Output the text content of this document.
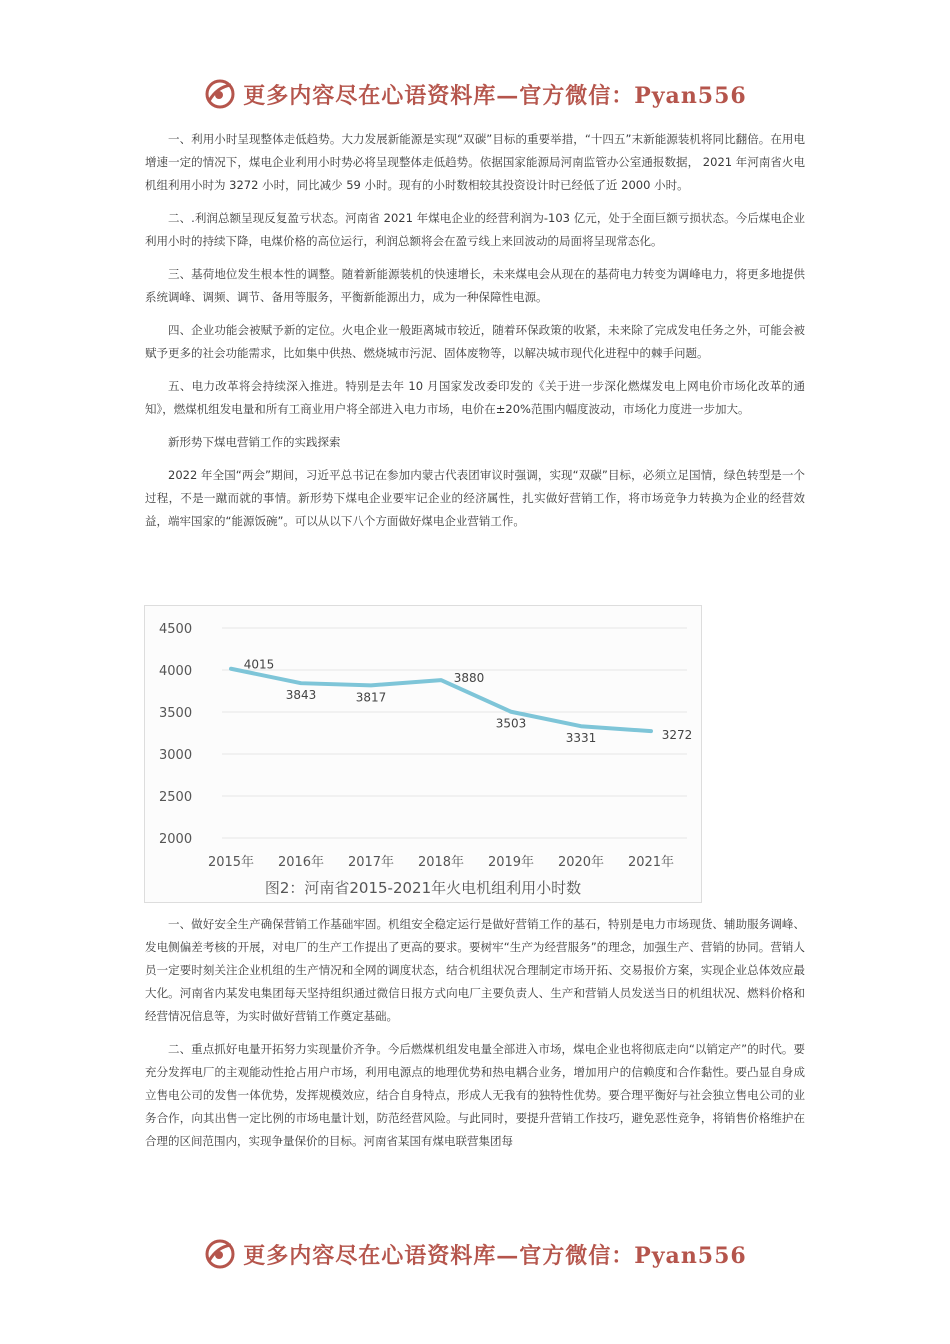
更多内容尽在心语资料库—官方微信：Pyan556

一、利用小时呈现整体走低趋势。大力发展新能源是实现“双碳”目标的重要举措，“十四五”末新能源装机将同比翻倍。在用电增速一定的情况下，煤电企业利用小时势必将呈现整体走低趋势。依据国家能源局河南监管办公室通报数据， 2021 年河南省火电机组利用小时为 3272 小时，同比减少 59 小时。现有的小时数相较其投资设计时已经低了近 2000 小时。

二、.利润总额呈现反复盈亏状态。河南省 2021 年煤电企业的经营利润为-103 亿元，处于全面巨额亏损状态。今后煤电企业利用小时的持续下降，电煤价格的高位运行，利润总额将会在盈亏线上来回波动的局面将呈现常态化。

三、基荷地位发生根本性的调整。随着新能源装机的快速增长，未来煤电会从现在的基荷电力转变为调峰电力，将更多地提供系统调峰、调频、调节、备用等服务，平衡新能源出力，成为一种保障性电源。

四、企业功能会被赋予新的定位。火电企业一般距离城市较近，随着环保政策的收紧，未来除了完成发电任务之外，可能会被赋予更多的社会功能需求，比如集中供热、燃烧城市污泥、固体废物等，以解决城市现代化进程中的棘手问题。

五、电力改革将会持续深入推进。特别是去年 10 月国家发改委印发的《关于进一步深化燃煤发电上网电价市场化改革的通知》，燃煤机组发电量和所有工商业用户将全部进入电力市场，电价在±20%范围内幅度波动，市场化力度进一步加大。

新形势下煤电营销工作的实践探索

2022 年全国“两会”期间，习近平总书记在参加内蒙古代表团审议时强调，实现“双碳”目标，必须立足国情，绿色转型是一个过程，不是一蹴而就的事情。新形势下煤电企业要牢记企业的经济属性，扎实做好营销工作，将市场竞争力转换为企业的经营效益，端牢国家的“能源饭碗”。可以从以下八个方面做好煤电企业营销工作。

2000
2500
3000
3500
4000
4500
2015年 2016年 2017年 2018年 2019年 2020年 2021年
4015
3843	3817
3880
3503
3331	3272
图2：河南省2015-2021年火电机组利用小时数

一、做好安全生产确保营销工作基础牢固。机组安全稳定运行是做好营销工作的基石，特别是电力市场现货、辅助服务调峰、发电侧偏差考核的开展，对电厂的生产工作提出了更高的要求。要树牢“生产为经营服务”的理念，加强生产、营销的协同。营销人员一定要时刻关注企业机组的生产情况和全网的调度状态，结合机组状况合理制定市场开拓、交易报价方案，实现企业总体效应最大化。河南省内某发电集团每天坚持组织通过微信日报方式向电厂主要负责人、生产和营销人员发送当日的机组状况、燃料价格和经营情况信息等，为实时做好营销工作奠定基础。

二、重点抓好电量开拓努力实现量价齐争。今后燃煤机组发电量全部进入市场，煤电企业也将彻底走向“以销定产”的时代。要充分发挥电厂的主观能动性抢占用户市场，利用电源点的地理优势和热电耦合业务，增加用户的信赖度和合作黏性。要凸显自身成立售电公司的发售一体优势，发挥规模效应，结合自身特点，形成人无我有的独特性优势。要合理平衡好与社会独立售电公司的业务合作，向其出售一定比例的市场电量计划，防范经营风险。与此同时，要提升营销工作技巧，避免恶性竞争，将销售价格维护在合理的区间范围内，实现争量保价的目标。河南省某国有煤电联营集团每

更多内容尽在心语资料库—官方微信：Pyan556
